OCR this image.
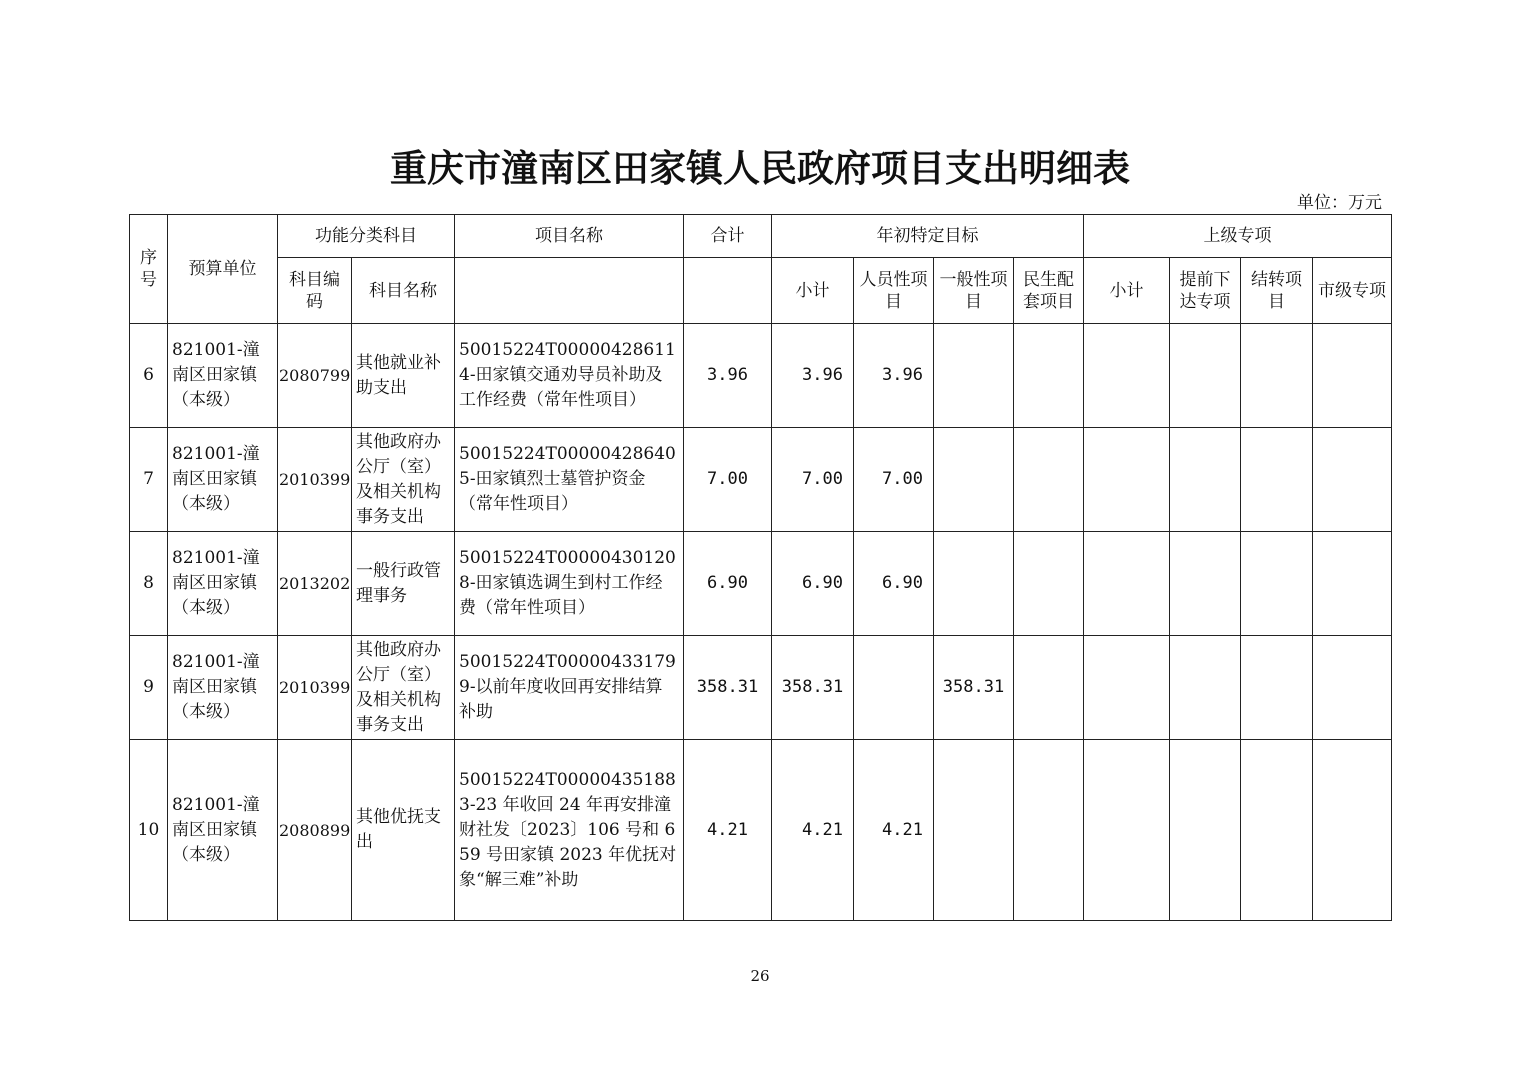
重庆市潼南区田家镇人民政府项目支出明细表
单位：万元
序号	预算单位	功能分类科目		项目名称	合计	年初特定目标				上级专项			
		科目编码	科目名称			小计	人员性项目	一般性项目	民生配套项目	小计	提前下达专项	结转项目	市级专项
6	821001-潼南区田家镇（本级）	2080799	其他就业补助支出	50015224T000004286114-田家镇交通劝导员补助及工作经费（常年性项目）	3.96	3.96	3.96						
7	821001-潼南区田家镇（本级）	2010399	其他政府办公厅（室）及相关机构事务支出	50015224T000004286405-田家镇烈士墓管护资金（常年性项目）	7.00	7.00	7.00						
8	821001-潼南区田家镇（本级）	2013202	一般行政管理事务	50015224T000004301208-田家镇选调生到村工作经费（常年性项目）	6.90	6.90	6.90						
9	821001-潼南区田家镇（本级）	2010399	其他政府办公厅（室）及相关机构事务支出	50015224T000004331799-以前年度收回再安排结算补助	358.31	358.31		358.31					
10	821001-潼南区田家镇（本级）	2080899	其他优抚支出	50015224T000004351883-23 年收回 24 年再安排潼财社发〔2023〕106 号和 659 号田家镇 2023 年优抚对象“解三难”补助	4.21	4.21	4.21						
26
